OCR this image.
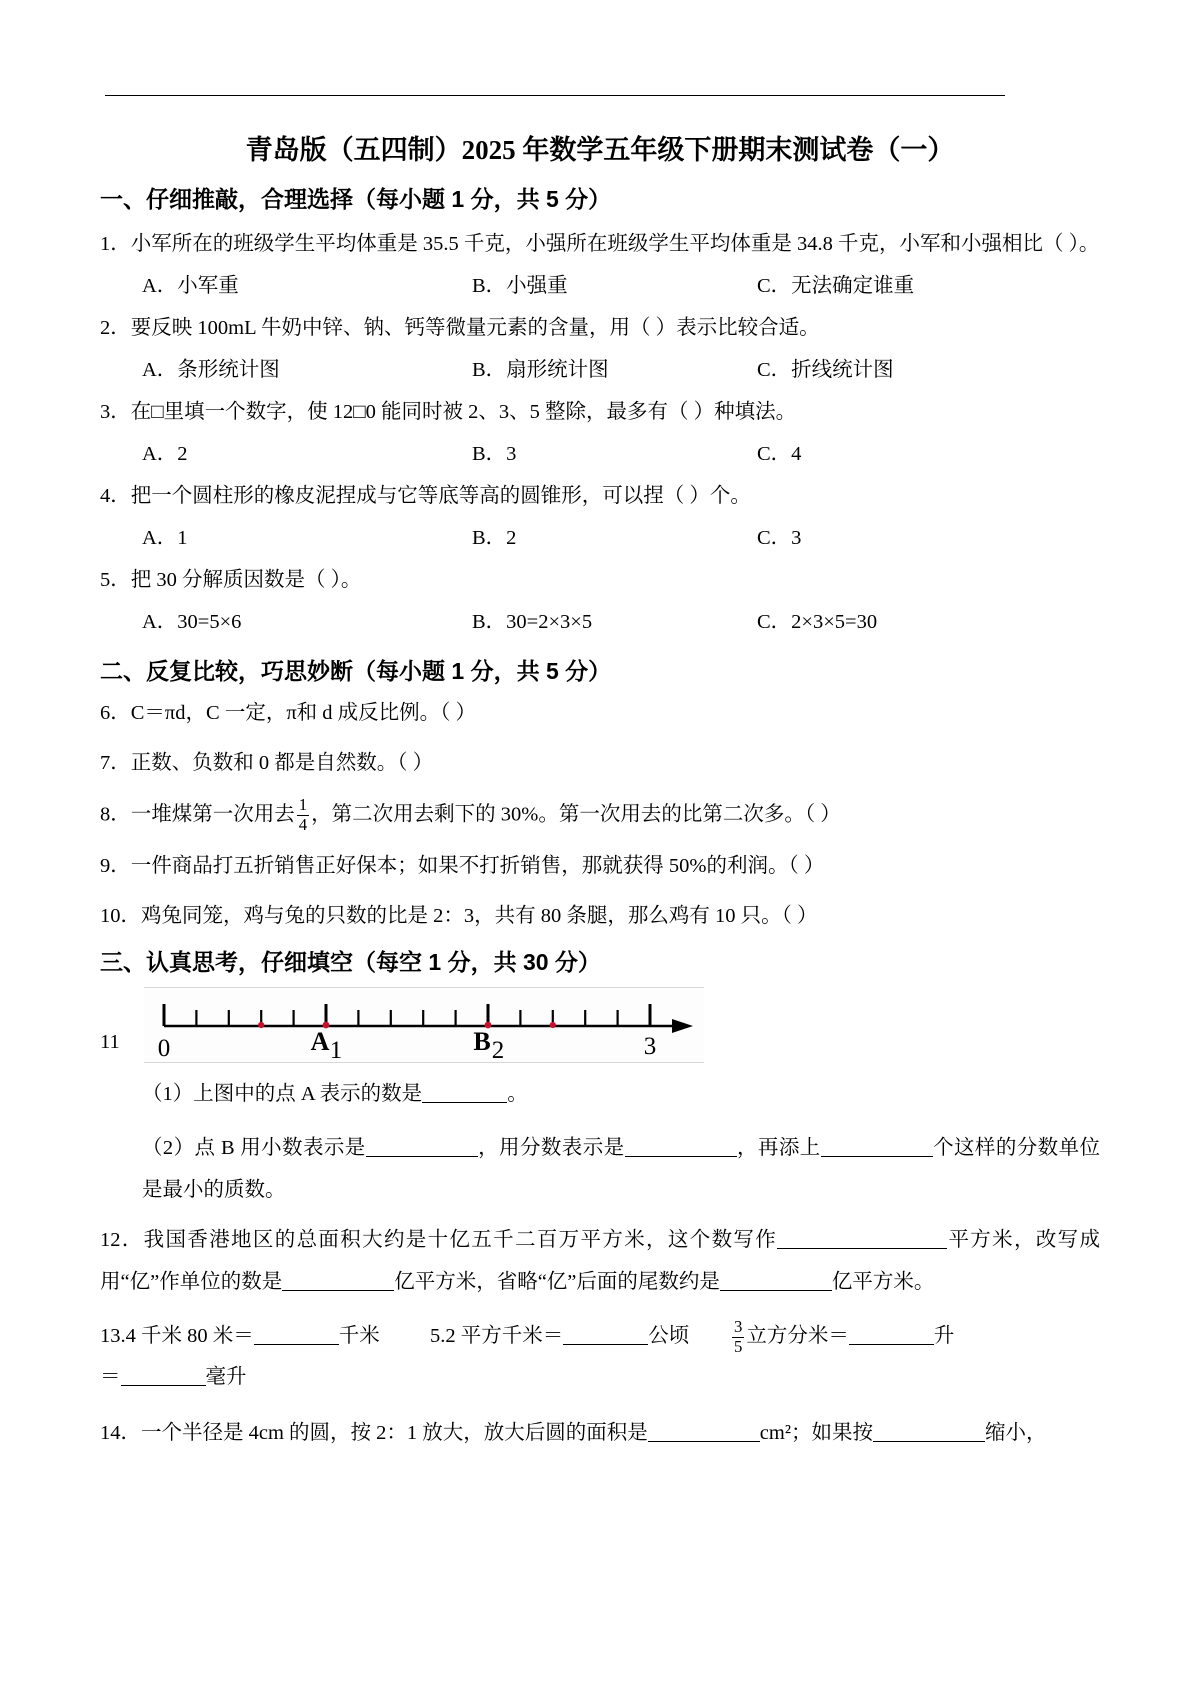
青岛版（五四制）2025 年数学五年级下册期末测试卷（一）
一、仔细推敲，合理选择（每小题 1 分，共 5 分）
1．小军所在的班级学生平均体重是 35.5 千克，小强所在班级学生平均体重是 34.8 千克，小军和小强相比（ ）。
A．小军重	B．小强重	C．无法确定谁重
2．要反映 100mL 牛奶中锌、钠、钙等微量元素的含量，用（ ）表示比较合适。
A．条形统计图	B．扇形统计图	C．折线统计图
3．在□里填一个数字，使 12□0 能同时被 2、3、5 整除，最多有（ ）种填法。
A．2	B．3	C．4
4．把一个圆柱形的橡皮泥捏成与它等底等高的圆锥形，可以捏（ ）个。
A．1	B．2	C．3
5．把 30 分解质因数是（ ）。
A．30=5×6	B．30=2×3×5	C．2×3×5=30
二、反复比较，巧思妙断（每小题 1 分，共 5 分）
6．C＝πd，C 一定，π和 d 成反比例。（ ）
7．正数、负数和 0 都是自然数。（ ）
8．一堆煤第一次用去 $\frac{1}{4}$ ，第二次用去剩下的 30%。第一次用去的比第二次多。（ ）
9．一件商品打五折销售正好保本；如果不打折销售，那就获得 50%的利润。（ ）
10．鸡兔同笼，鸡与兔的只数的比是 2：3，共有 80 条腿，那么鸡有 10 只。（ ）
三、认真思考，仔细填空（每空 1 分，共 30 分）
11	0	1	2	3
A	B
（1）上图中的点 A 表示的数是	。
（2）点 B 用小数表示是	，用分数表示是	，再添上	个这样的分数单位是最小的质数。
12．我国香港地区的总面积大约是十亿五千二百万平方米，这个数写作	平方米，改写成用“亿”作单位的数是	亿平方米，省略“亿”后面的尾数约是	亿平方米。
13.4 千米 80 米＝	千米	5.2 平方千米＝	公顷	$\frac{3}{5}$ 立方分米＝	升
＝	毫升
14．一个半径是 4cm 的圆，按 2：1 放大，放大后圆的面积是	cm²；如果按	缩小，
